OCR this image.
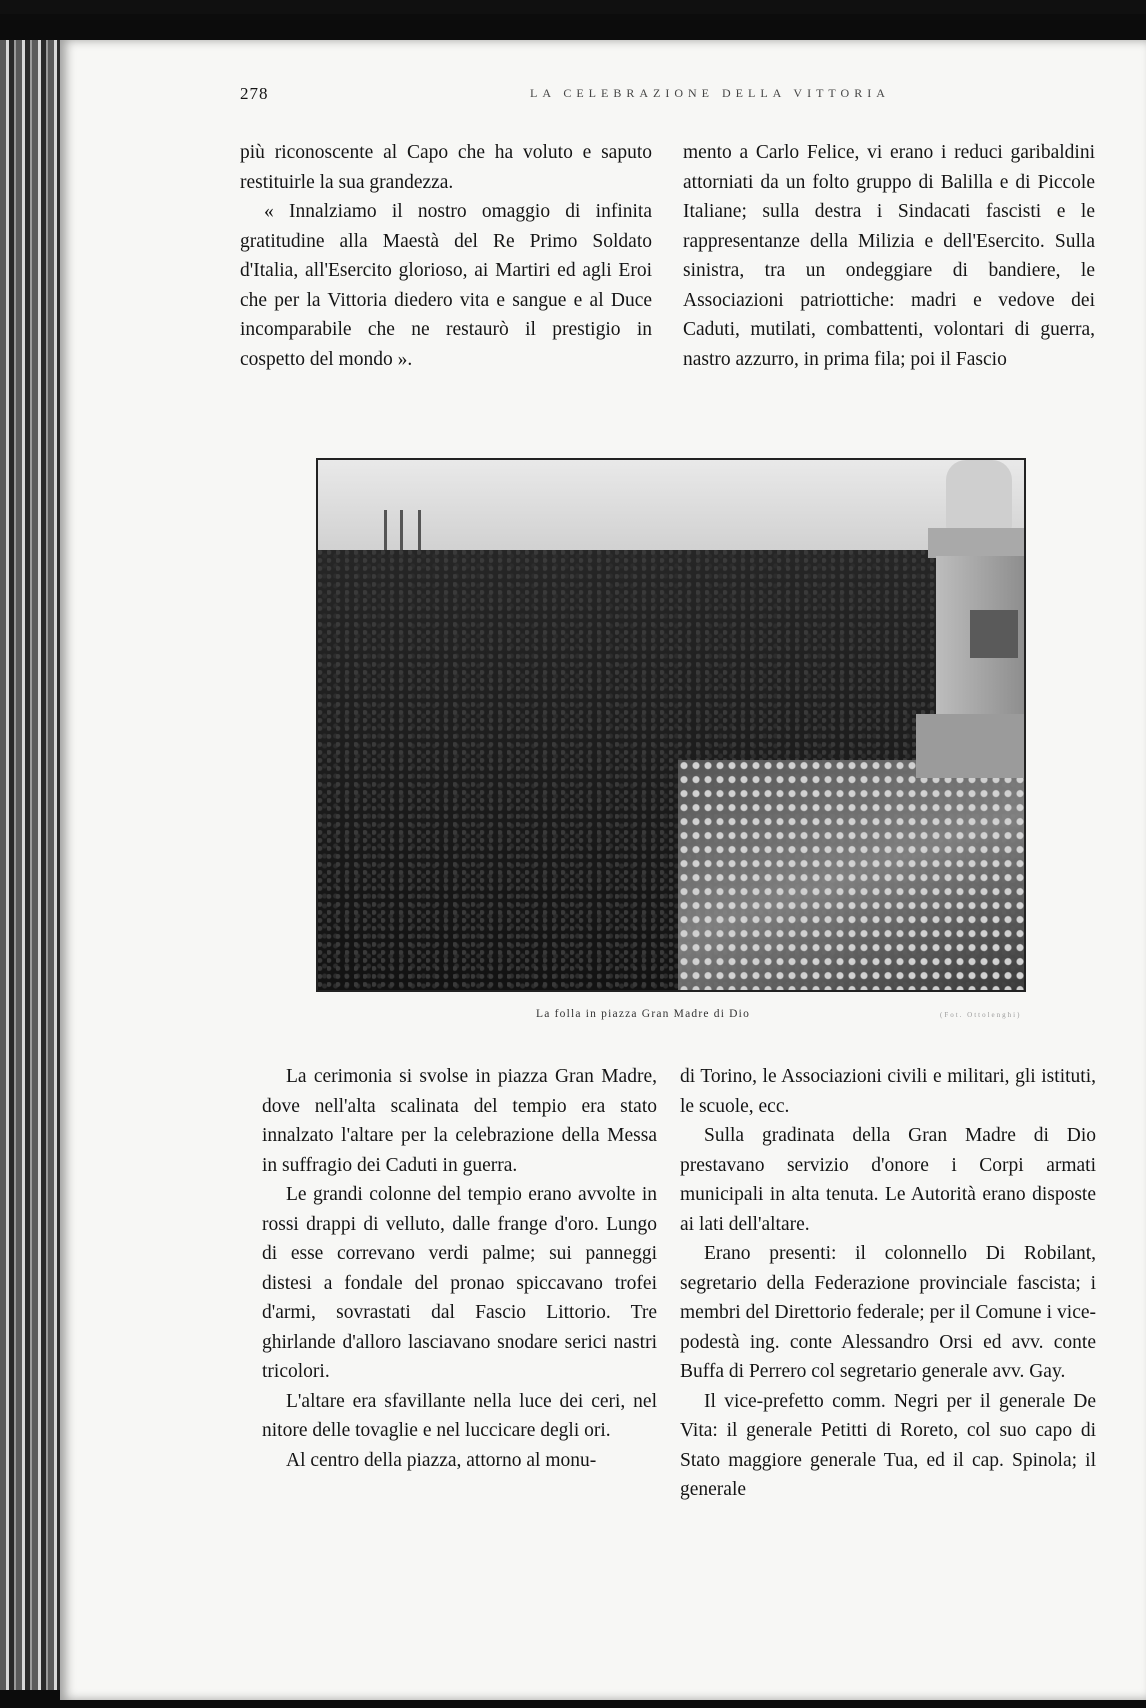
278	LA CELEBRAZIONE DELLA VITTORIA

più riconoscente al Capo che ha voluto e saputo restituirle la sua grandezza.

« Innalziamo il nostro omaggio di infinita gratitudine alla Maestà del Re Primo Soldato d'Italia, all'Esercito glorioso, ai Martiri ed agli Eroi che per la Vittoria diedero vita e sangue e al Duce incomparabile che ne restaurò il prestigio in cospetto del mondo ».

mento a Carlo Felice, vi erano i reduci garibaldini attorniati da un folto gruppo di Balilla e di Piccole Italiane; sulla destra i Sindacati fascisti e le rappresentanze della Milizia e dell'Esercito. Sulla sinistra, tra un ondeggiare di bandiere, le Associazioni patriottiche: madri e vedove dei Caduti, mutilati, combattenti, volontari di guerra, nastro azzurro, in prima fila; poi il Fascio

La folla in piazza Gran Madre di Dio	(Fot. Ottolenghi)

La cerimonia si svolse in piazza Gran Madre, dove nell'alta scalinata del tempio era stato innalzato l'altare per la celebrazione della Messa in suffragio dei Caduti in guerra.

Le grandi colonne del tempio erano avvolte in rossi drappi di velluto, dalle frange d'oro. Lungo di esse correvano verdi palme; sui panneggi distesi a fondale del pronao spiccavano trofei d'armi, sovrastati dal Fascio Littorio. Tre ghirlande d'alloro lasciavano snodare serici nastri tricolori.

L'altare era sfavillante nella luce dei ceri, nel nitore delle tovaglie e nel luccicare degli ori.

Al centro della piazza, attorno al monu-

di Torino, le Associazioni civili e militari, gli istituti, le scuole, ecc.

Sulla gradinata della Gran Madre di Dio prestavano servizio d'onore i Corpi armati municipali in alta tenuta. Le Autorità erano disposte ai lati dell'altare.

Erano presenti: il colonnello Di Robilant, segretario della Federazione provinciale fascista; i membri del Direttorio federale; per il Comune i vice-podestà ing. conte Alessandro Orsi ed avv. conte Buffa di Perrero col segretario generale avv. Gay.

Il vice-prefetto comm. Negri per il generale De Vita: il generale Petitti di Roreto, col suo capo di Stato maggiore generale Tua, ed il cap. Spinola; il generale
